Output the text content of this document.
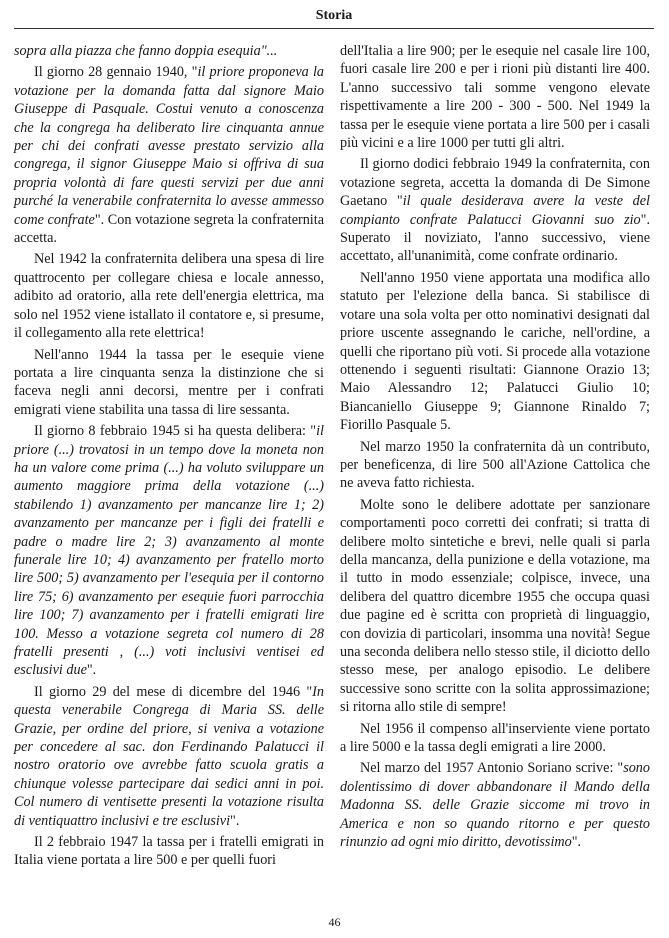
Storia

sopra alla piazza che fanno doppia esequia"...

Il giorno 28 gennaio 1940, "il priore proponeva la votazione per la domanda fatta dal signore Maio Giuseppe di Pasquale. Costui venuto a conoscenza che la congrega ha deliberato lire cinquanta annue per chi dei confrati avesse prestato servizio alla congrega, il signor Giuseppe Maio si offriva di sua propria volontà di fare questi servizi per due anni purché la venerabile confraternita lo avesse ammesso come confrate". Con votazione segreta la confraternita accetta.

Nel 1942 la confraternita delibera una spesa di lire quattrocento per collegare chiesa e locale annesso, adibito ad oratorio, alla rete dell'energia elettrica, ma solo nel 1952 viene istallato il contatore e, si presume, il collegamento alla rete elettrica!

Nell'anno 1944 la tassa per le esequie viene portata a lire cinquanta senza la distinzione che si faceva negli anni decorsi, mentre per i confrati emigrati viene stabilita una tassa di lire sessanta.

Il giorno 8 febbraio 1945 si ha questa delibera: "il priore (...) trovatosi in un tempo dove la moneta non ha un valore come prima (...) ha voluto sviluppare un aumento maggiore prima della votazione (...) stabilendo 1) avanzamento per mancanze lire 1; 2) avanzamento per mancanze per i figli dei fratelli e padre o madre lire 2; 3) avanzamento al monte funerale lire 10; 4) avanzamento per fratello morto lire 500; 5) avanzamento per l'esequia per il contorno lire 75; 6) avanzamento per esequie fuori parrocchia lire 100; 7) avanzamento per i fratelli emigrati lire 100. Messo a votazione segreta col numero di 28 fratelli presenti , (...) voti inclusivi ventisei ed esclusivi due".

Il giorno 29 del mese di dicembre del 1946 "In questa venerabile Congrega di Maria SS. delle Grazie, per ordine del priore, si veniva a votazione per concedere al sac. don Ferdinando Palatucci il nostro oratorio ove avrebbe fatto scuola gratis a chiunque volesse partecipare dai sedici anni in poi. Col numero di ventisette presenti la votazione risulta di ventiquattro inclusivi e tre esclusivi".

Il 2 febbraio 1947 la tassa per i fratelli emigrati in Italia viene portata a lire 500 e per quelli fuori

dell'Italia a lire 900; per le esequie nel casale lire 100, fuori casale lire 200 e per i rioni più distanti lire 400. L'anno successivo tali somme vengono elevate rispettivamente a lire 200 - 300 - 500. Nel 1949 la tassa per le esequie viene portata a lire 500 per i casali più vicini e a lire 1000 per tutti gli altri.

Il giorno dodici febbraio 1949 la confraternita, con votazione segreta, accetta la domanda di De Simone Gaetano "il quale desiderava avere la veste del compianto confrate Palatucci Giovanni suo zio". Superato il noviziato, l'anno successivo, viene accettato, all'unanimità, come confrate ordinario.

Nell'anno 1950 viene apportata una modifica allo statuto per l'elezione della banca. Si stabilisce di votare una sola volta per otto nominativi designati dal priore uscente assegnando le cariche, nell'ordine, a quelli che riportano più voti. Si procede alla votazione ottenendo i seguenti risultati: Giannone Orazio 13; Maio Alessandro 12; Palatucci Giulio 10; Biancaniello Giuseppe 9; Giannone Rinaldo 7; Fiorillo Pasquale 5.

Nel marzo 1950 la confraternita dà un contributo, per beneficenza, di lire 500 all'Azione Cattolica che ne aveva fatto richiesta.

Molte sono le delibere adottate per sanzionare comportamenti poco corretti dei confrati; si tratta di delibere molto sintetiche e brevi, nelle quali si parla della mancanza, della punizione e della votazione, ma il tutto in modo essenziale; colpisce, invece, una delibera del quattro dicembre 1955 che occupa quasi due pagine ed è scritta con proprietà di linguaggio, con dovizia di particolari, insomma una novità! Segue una seconda delibera nello stesso stile, il diciotto dello stesso mese, per analogo episodio. Le delibere successive sono scritte con la solita approssimazione; si ritorna allo stile di sempre!

Nel 1956 il compenso all'inserviente viene portato a lire 5000 e la tassa degli emigrati a lire 2000.

Nel marzo del 1957 Antonio Soriano scrive: "sono dolentissimo di dover abbandonare il Mando della Madonna SS. delle Grazie siccome mi trovo in America e non so quando ritorno e per questo rinunzio ad ogni mio diritto, devotissimo".

46
